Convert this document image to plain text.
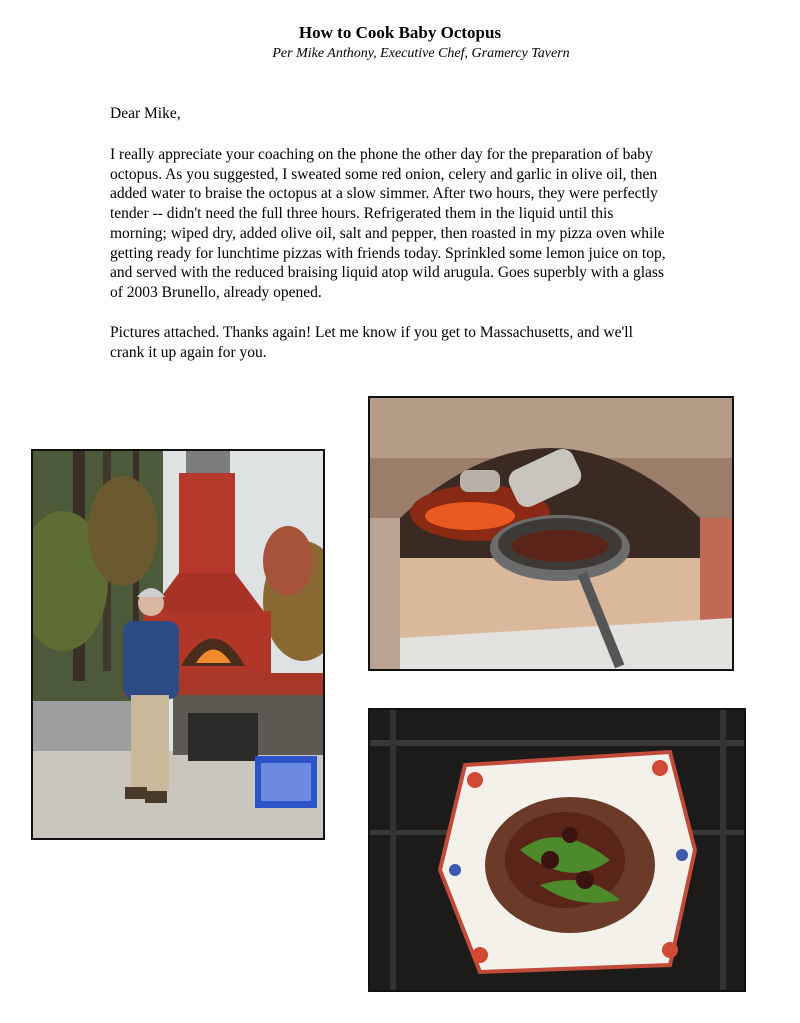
How to Cook Baby Octopus
Per Mike Anthony, Executive Chef, Gramercy Tavern
Dear Mike,
I really appreciate your coaching on the phone the other day for the preparation of baby
octopus. As you suggested, I sweated some red onion, celery and garlic in olive oil, then
added water to braise the octopus at a slow simmer. After two hours, they were perfectly
tender -- didn't need the full three hours. Refrigerated them in the liquid until this
morning; wiped dry, added olive oil, salt and pepper, then roasted in my pizza oven while
getting ready for lunchtime pizzas with friends today. Sprinkled some lemon juice on top,
and served with the reduced braising liquid atop wild arugula. Goes superbly with a glass
of 2003 Brunello, already opened.
Pictures attached. Thanks again! Let me know if you get to Massachusetts, and we'll
crank it up again for you.
